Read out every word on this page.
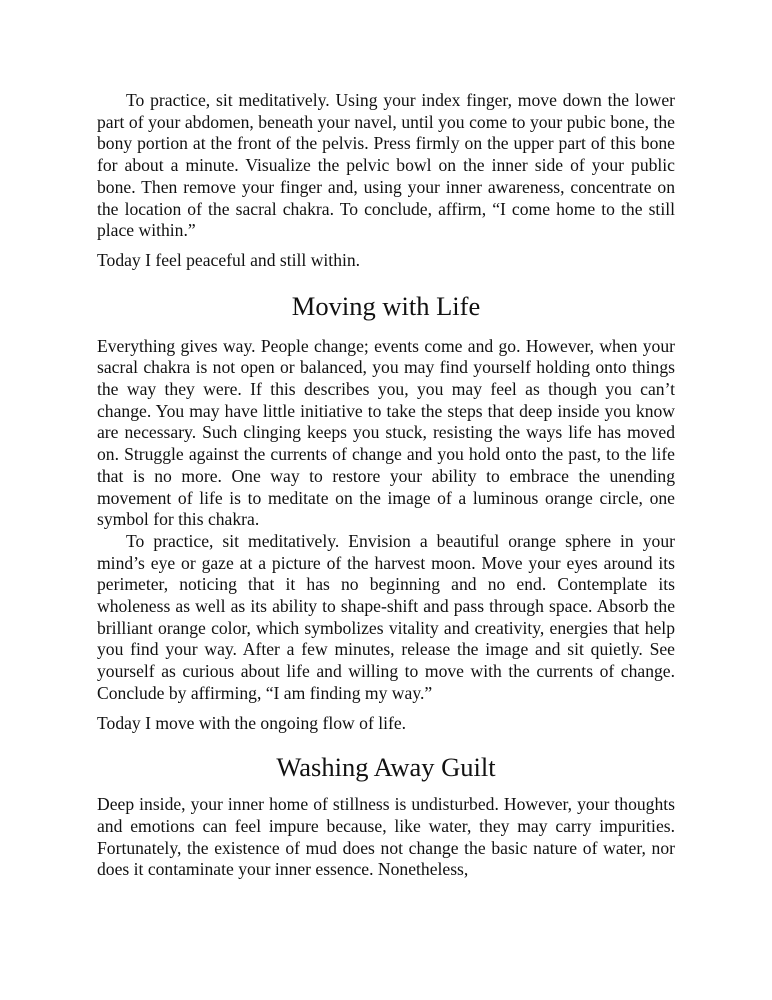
To practice, sit meditatively. Using your index finger, move down the lower part of your abdomen, beneath your navel, until you come to your pubic bone, the bony portion at the front of the pelvis. Press firmly on the upper part of this bone for about a minute. Visualize the pelvic bowl on the inner side of your public bone. Then remove your finger and, using your inner awareness, concentrate on the location of the sacral chakra. To conclude, affirm, “I come home to the still place within.”

Today I feel peaceful and still within.

Moving with Life

Everything gives way. People change; events come and go. However, when your sacral chakra is not open or balanced, you may find yourself holding onto things the way they were. If this describes you, you may feel as though you can’t change. You may have little initiative to take the steps that deep inside you know are necessary. Such clinging keeps you stuck, resisting the ways life has moved on. Struggle against the currents of change and you hold onto the past, to the life that is no more. One way to restore your ability to embrace the unending movement of life is to meditate on the image of a luminous orange circle, one symbol for this chakra.

To practice, sit meditatively. Envision a beautiful orange sphere in your mind’s eye or gaze at a picture of the harvest moon. Move your eyes around its perimeter, noticing that it has no beginning and no end. Contemplate its wholeness as well as its ability to shape-shift and pass through space. Absorb the brilliant orange color, which symbolizes vitality and creativity, energies that help you find your way. After a few minutes, release the image and sit quietly. See yourself as curious about life and willing to move with the currents of change. Conclude by affirming, “I am finding my way.”

Today I move with the ongoing flow of life.

Washing Away Guilt

Deep inside, your inner home of stillness is undisturbed. However, your thoughts and emotions can feel impure because, like water, they may carry impurities. Fortunately, the existence of mud does not change the basic nature of water, nor does it contaminate your inner essence. Nonetheless,
